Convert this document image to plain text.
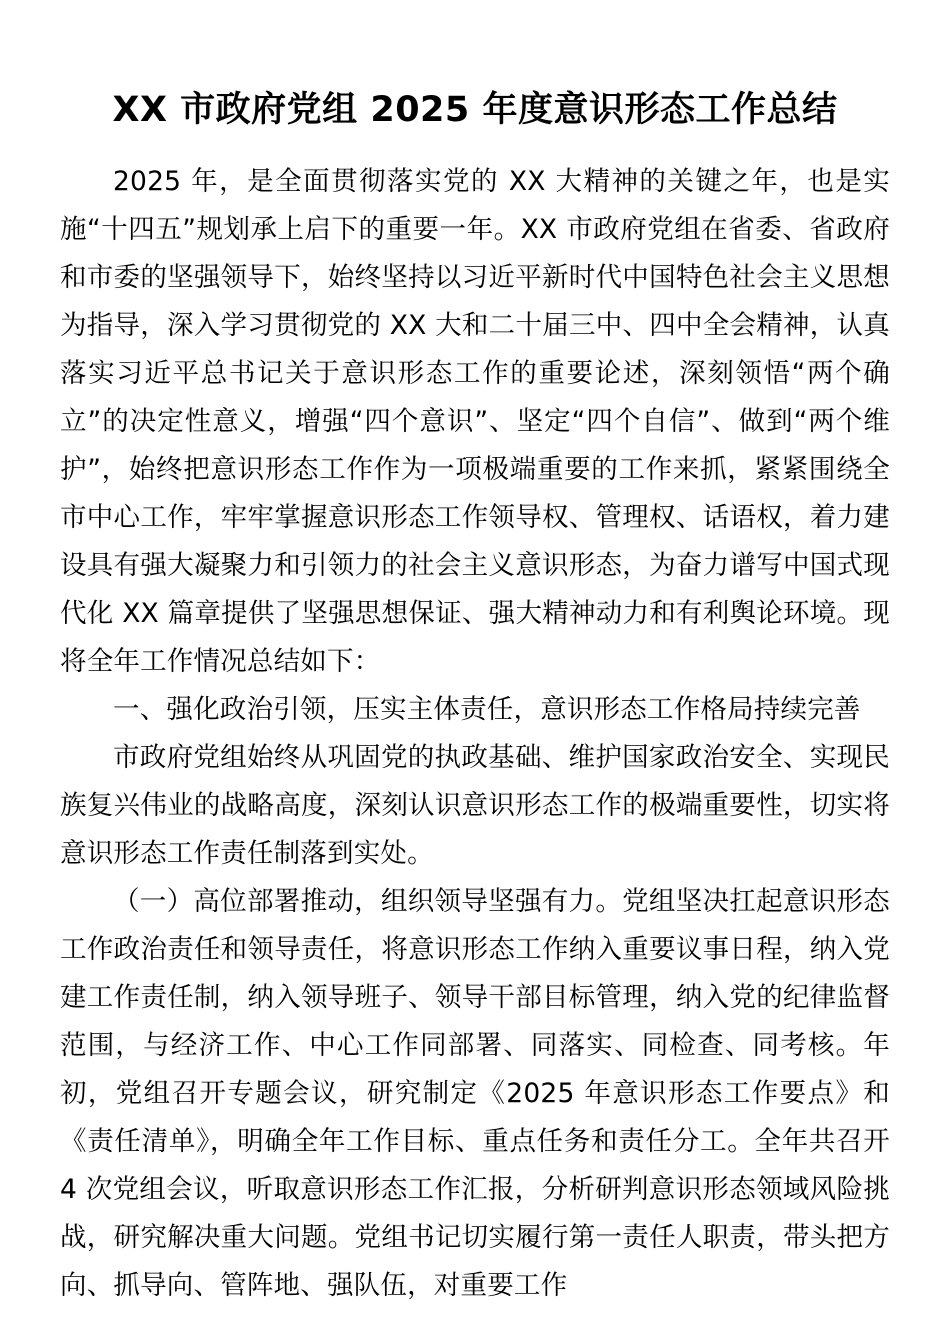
XX 市政府党组 2025 年度意识形态工作总结

2025 年，是全面贯彻落实党的 XX 大精神的关键之年，也是实施“十四五”规划承上启下的重要一年。XX 市政府党组在省委、省政府和市委的坚强领导下，始终坚持以习近平新时代中国特色社会主义思想为指导，深入学习贯彻党的 XX 大和二十届三中、四中全会精神，认真落实习近平总书记关于意识形态工作的重要论述，深刻领悟“两个确立”的决定性意义，增强“四个意识”、坚定“四个自信”、做到“两个维护”，始终把意识形态工作作为一项极端重要的工作来抓，紧紧围绕全市中心工作，牢牢掌握意识形态工作领导权、管理权、话语权，着力建设具有强大凝聚力和引领力的社会主义意识形态，为奋力谱写中国式现代化 XX 篇章提供了坚强思想保证、强大精神动力和有利舆论环境。现将全年工作情况总结如下：

一、强化政治引领，压实主体责任，意识形态工作格局持续完善

市政府党组始终从巩固党的执政基础、维护国家政治安全、实现民族复兴伟业的战略高度，深刻认识意识形态工作的极端重要性，切实将意识形态工作责任制落到实处。

（一）高位部署推动，组织领导坚强有力。党组坚决扛起意识形态工作政治责任和领导责任，将意识形态工作纳入重要议事日程，纳入党建工作责任制，纳入领导班子、领导干部目标管理，纳入党的纪律监督范围，与经济工作、中心工作同部署、同落实、同检查、同考核。年初，党组召开专题会议，研究制定《2025 年意识形态工作要点》和《责任清单》，明确全年工作目标、重点任务和责任分工。全年共召开 4 次党组会议，听取意识形态工作汇报，分析研判意识形态领域风险挑战，研究解决重大问题。党组书记切实履行第一责任人职责，带头把方向、抓导向、管阵地、强队伍，对重要工作
